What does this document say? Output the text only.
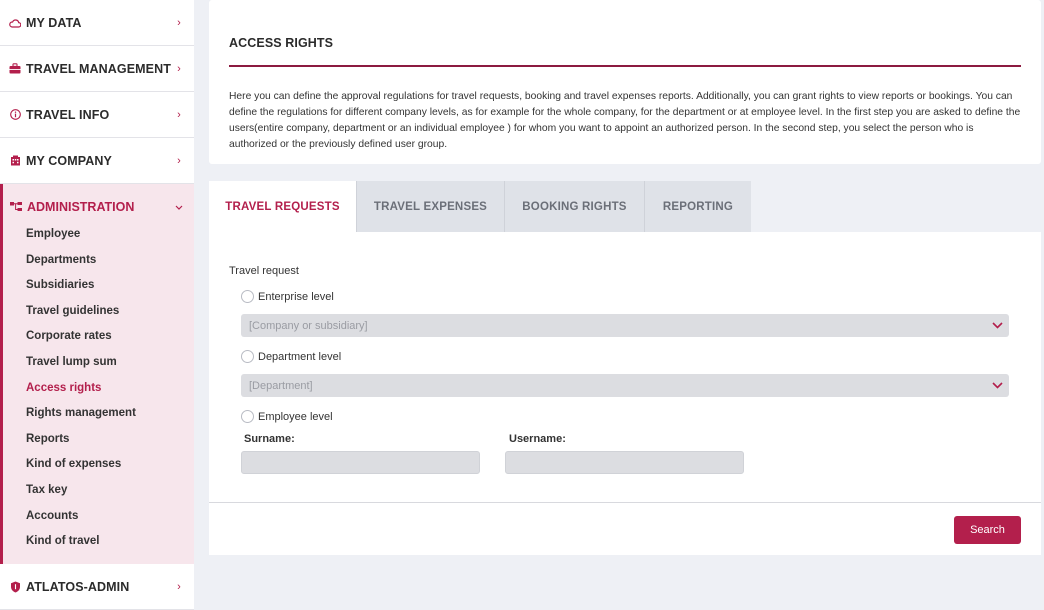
MY DATA	›
TRAVEL MANAGEMENT ›
TRAVEL INFO	›
MY COMPANY	›
ADMINISTRATION
Employee
Departments
Subsidiaries
Travel guidelines
Corporate rates
Travel lump sum
Access rights
Rights management
Reports
Kind of expenses
Tax key
Accounts
Kind of travel
ATLATOS-ADMIN	›
ACCESS RIGHTS

Here you can define the approval regulations for travel requests, booking and travel expenses reports. Additionally, you can grant rights to view reports or bookings. You can define the regulations for different company levels, as for example for the whole company, for the department or at employee level. In the first step you are asked to define the users(entire company, department or an individual employee ) for whom you want to appoint an authorized person. In the second step, you select the person who is authorized or the previously defined user group.

TRAVEL REQUESTS	TRAVEL EXPENSES	BOOKING RIGHTS	REPORTING
Travel request
Enterprise level
[Company or subsidiary]
Department level
[Department]
Employee level
Surname:	Username:
Search
